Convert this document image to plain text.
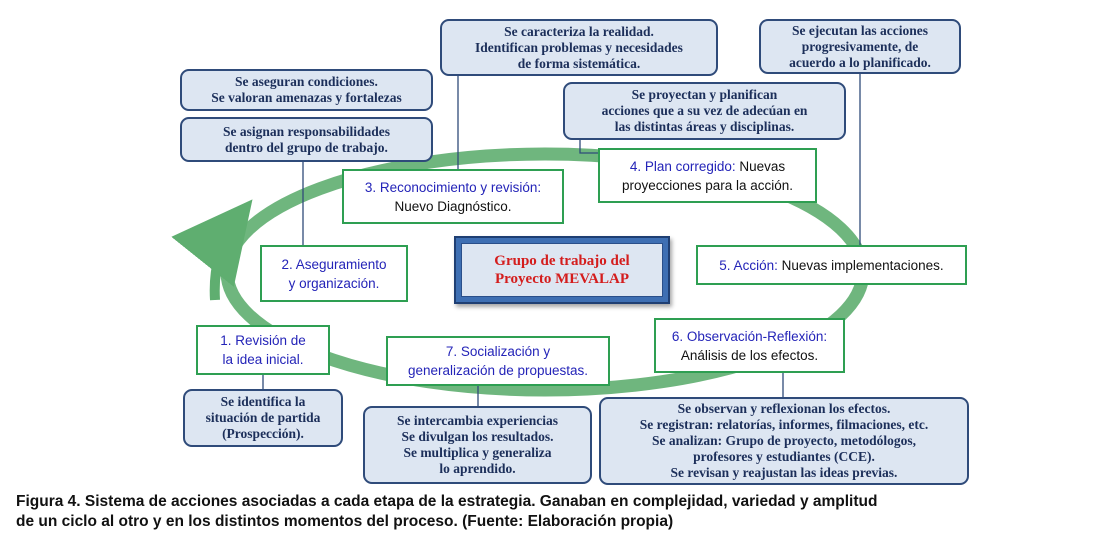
Se aseguran condiciones.
Se valoran amenazas y fortalezas
Se asignan responsabilidades
dentro del grupo de trabajo.
Se caracteriza la realidad.
Identifican problemas y necesidades
de forma sistemática.
Se ejecutan las acciones
progresivamente, de
acuerdo a lo planificado.
Se proyectan y planifican
acciones que a su vez de adecúan en
las distintas áreas y disciplinas.
Se identifica la
situación de partida
(Prospección).
Se intercambia experiencias
Se divulgan los resultados.
Se multiplica y generaliza
lo aprendido.
Se observan y reflexionan los efectos.
Se registran: relatorías, informes, filmaciones, etc.
Se analizan: Grupo de proyecto, metodólogos,
profesores y estudiantes (CCE).
Se revisan y reajustan las ideas previas.
1. Revisión de
la idea inicial.
2. Aseguramiento
y organización.
3. Reconocimiento y revisión:
Nuevo Diagnóstico.
4. Plan corregido: Nuevas
proyecciones para la acción.
5. Acción: Nuevas implementaciones.
6. Observación-Reflexión:
Análisis de los efectos.
7. Socialización y
generalización de propuestas.
Grupo de trabajo del
Proyecto MEVALAP
Figura 4. Sistema de acciones asociadas a cada etapa de la estrategia. Ganaban en complejidad, variedad y amplitud
de un ciclo al otro y en los distintos momentos del proceso. (Fuente: Elaboración propia)
